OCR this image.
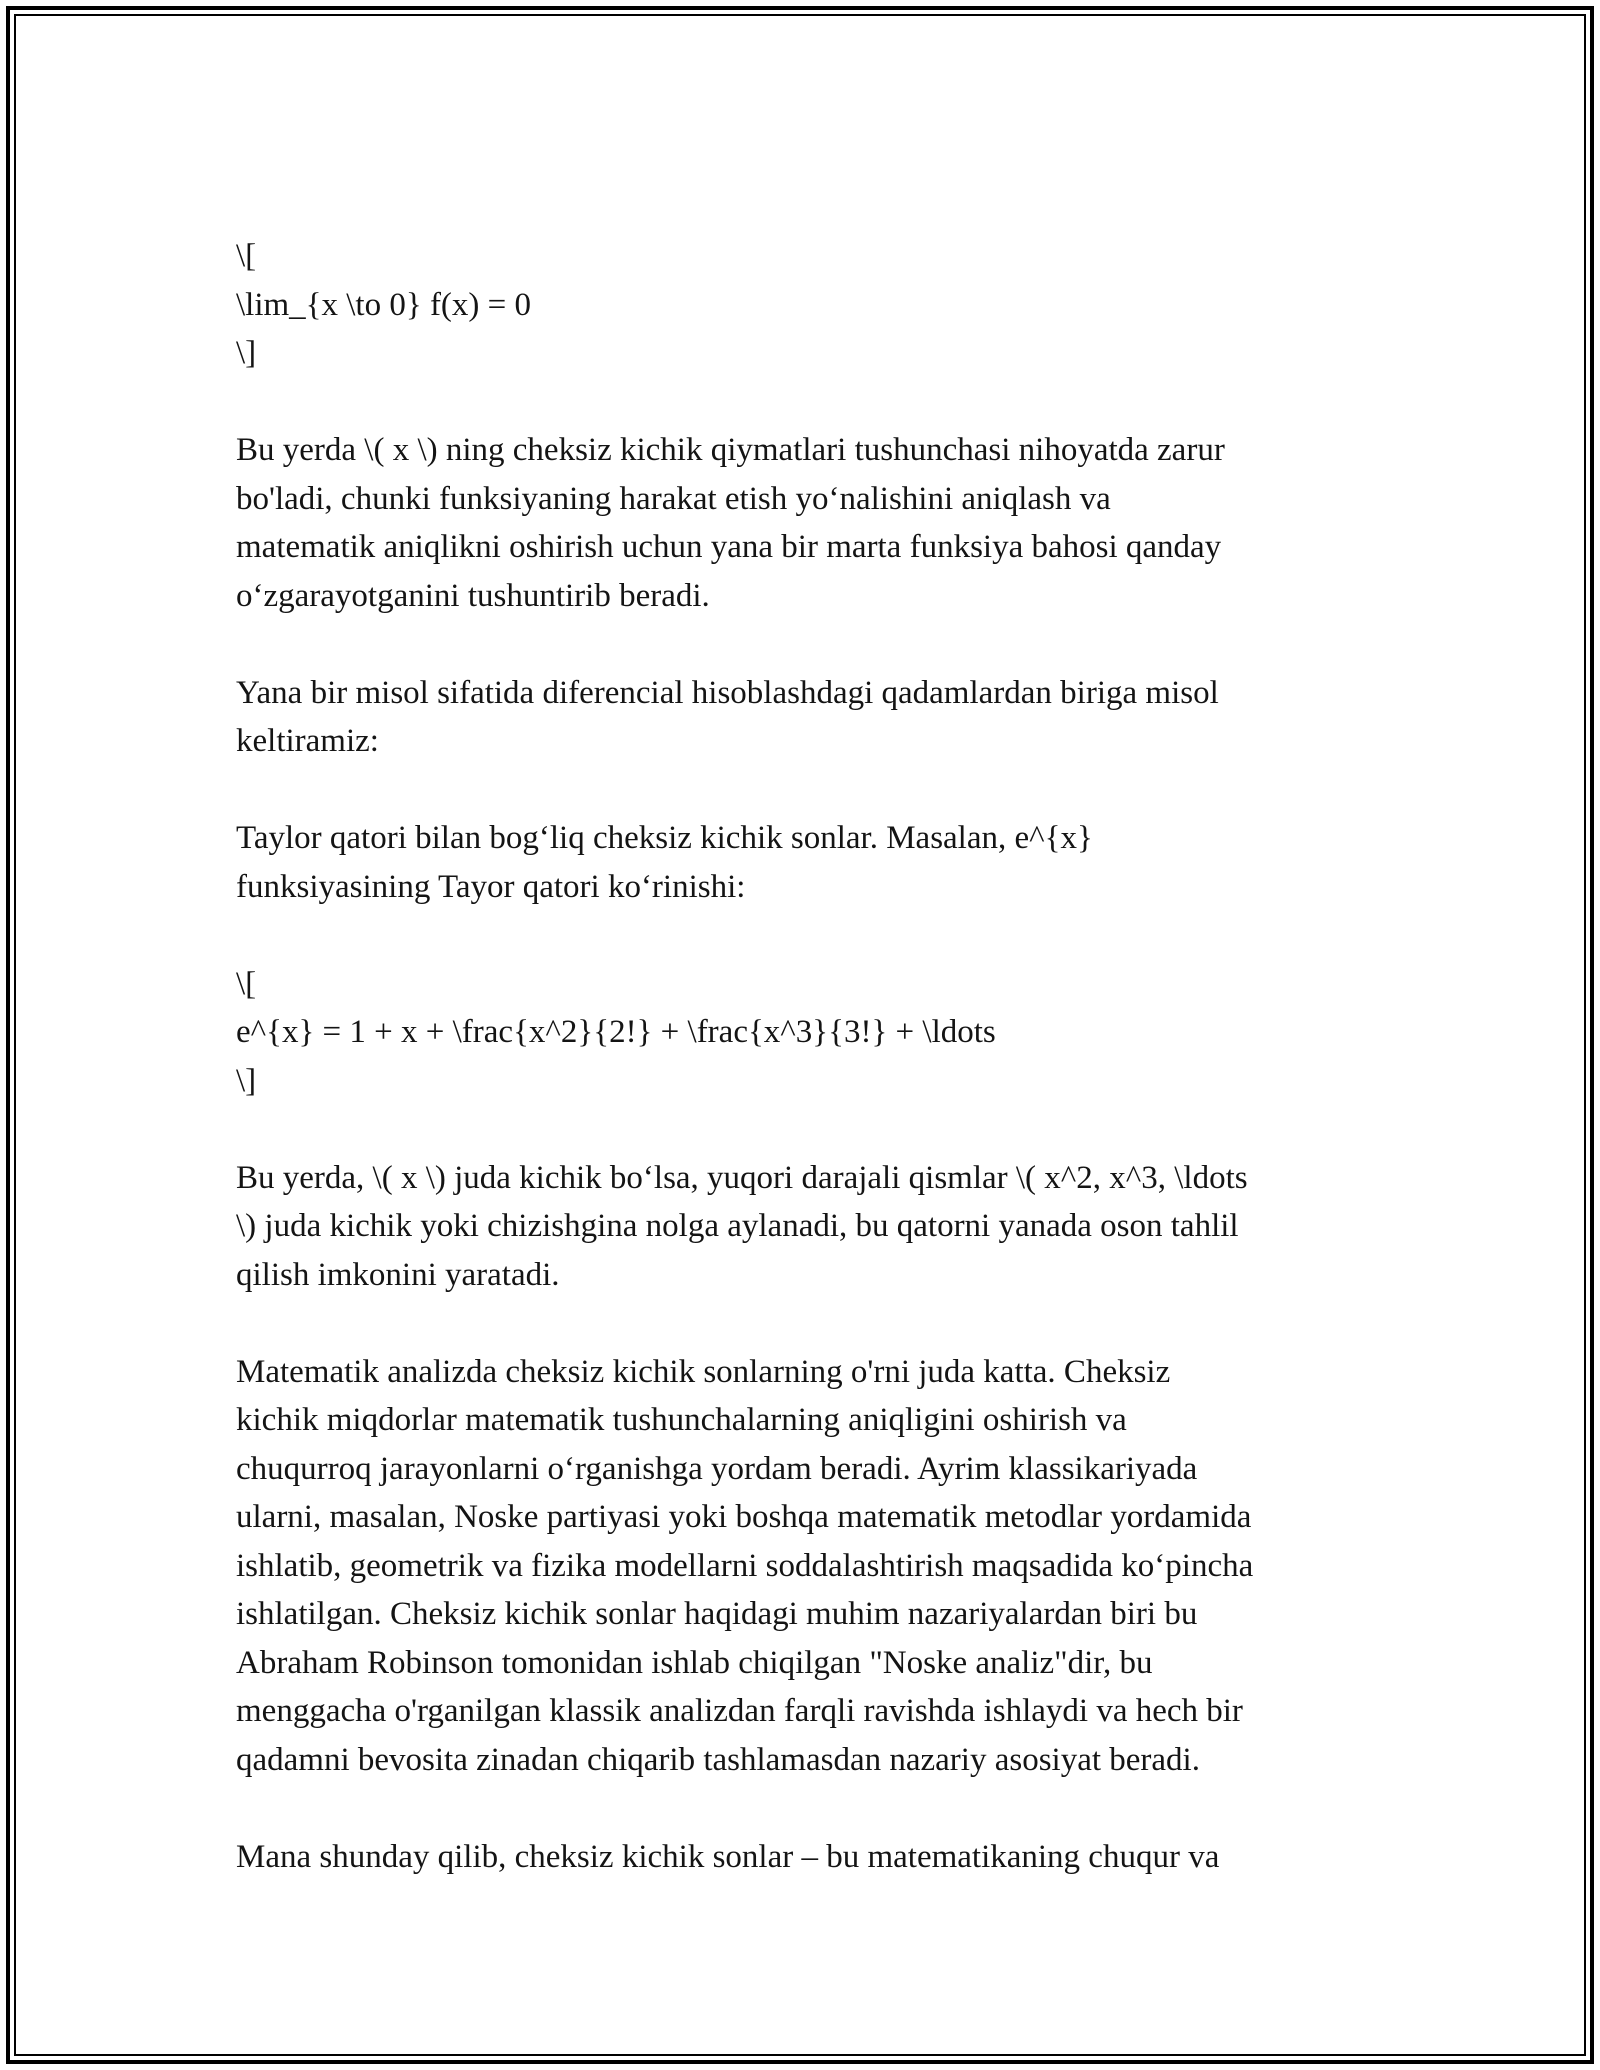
\[
\lim_{x \to 0} f(x) = 0
\]
Bu yerda \( x \) ning cheksiz kichik qiymatlari tushunchasi nihoyatda zarur
bo'ladi, chunki funksiyaning harakat etish yo‘nalishini aniqlash va
matematik aniqlikni oshirish uchun yana bir marta funksiya bahosi qanday
o‘zgarayotganini tushuntirib beradi.
Yana bir misol sifatida diferencial hisoblashdagi qadamlardan biriga misol
keltiramiz:
Taylor qatori bilan bog‘liq cheksiz kichik sonlar. Masalan, e^{x}
funksiyasining Tayor qatori ko‘rinishi:
\[
e^{x} = 1 + x + \frac{x^2}{2!} + \frac{x^3}{3!} + \ldots
\]
Bu yerda, \( x \) juda kichik bo‘lsa, yuqori darajali qismlar \( x^2, x^3, \ldots
\) juda kichik yoki chizishgina nolga aylanadi, bu qatorni yanada oson tahlil
qilish imkonini yaratadi.
Matematik analizda cheksiz kichik sonlarning o'rni juda katta. Cheksiz
kichik miqdorlar matematik tushunchalarning aniqligini oshirish va
chuqurroq jarayonlarni o‘rganishga yordam beradi. Ayrim klassikariyada
ularni, masalan, Noske partiyasi yoki boshqa matematik metodlar yordamida
ishlatib, geometrik va fizika modellarni soddalashtirish maqsadida ko‘pincha
ishlatilgan. Cheksiz kichik sonlar haqidagi muhim nazariyalardan biri bu
Abraham Robinson tomonidan ishlab chiqilgan "Noske analiz"dir, bu
menggacha o'rganilgan klassik analizdan farqli ravishda ishlaydi va hech bir
qadamni bevosita zinadan chiqarib tashlamasdan nazariy asosiyat beradi.
Mana shunday qilib, cheksiz kichik sonlar – bu matematikaning chuqur va
